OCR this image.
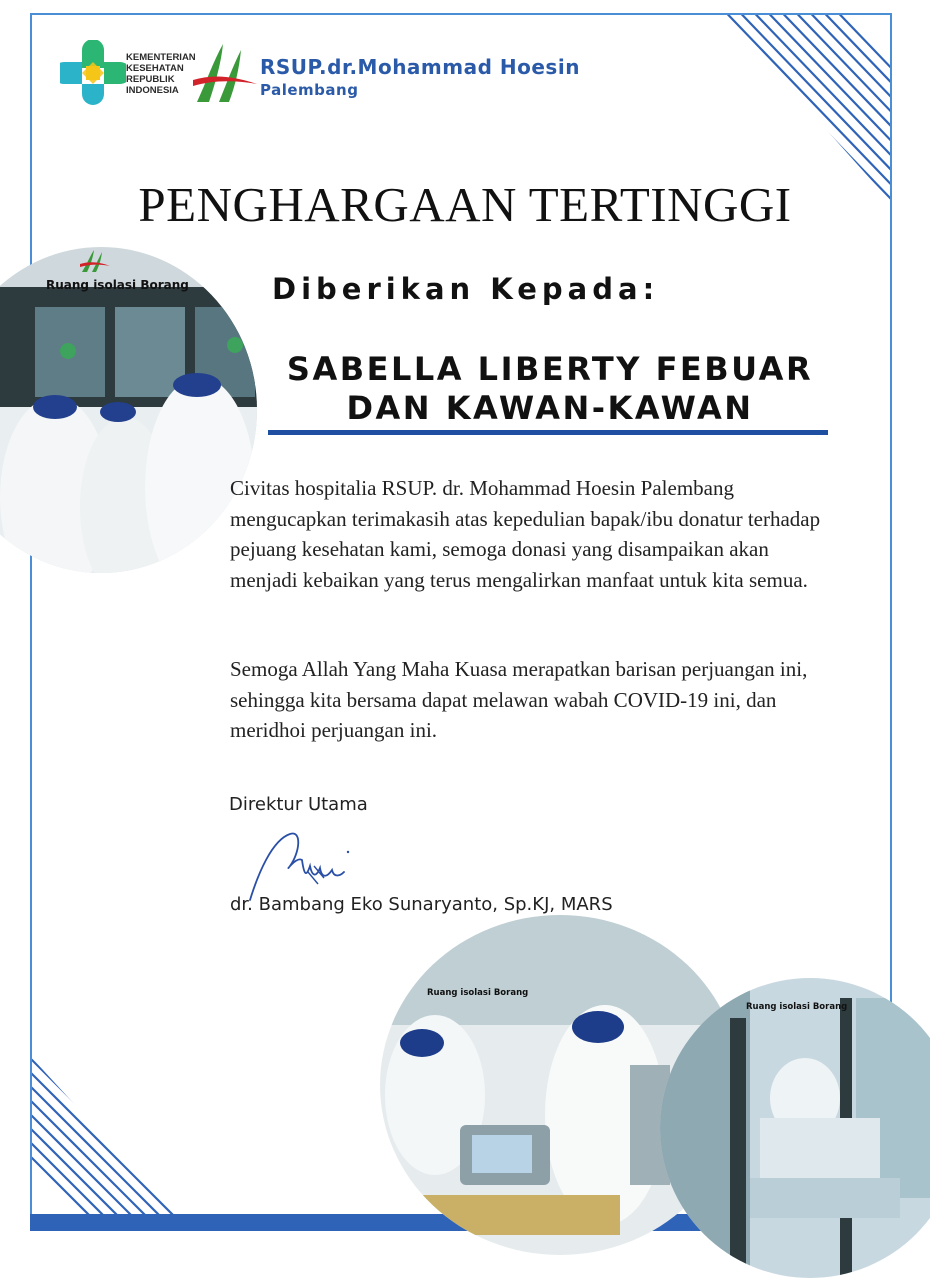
KEMENTERIAN
KESEHATAN
REPUBLIK
INDONESIA
RSUP.dr.Mohammad Hoesin
Palembang
PENGHARGAAN TERTINGGI
Diberikan Kepada:
SABELLA LIBERTY FEBUAR
DAN KAWAN-KAWAN
Ruang isolasi Borang
Civitas hospitalia RSUP. dr. Mohammad Hoesin Palembang mengucapkan terimakasih atas kepedulian bapak/ibu donatur terhadap pejuang kesehatan kami, semoga donasi yang disampaikan akan menjadi kebaikan yang terus mengalirkan manfaat untuk kita semua.
Semoga Allah Yang Maha Kuasa merapatkan barisan perjuangan ini, sehingga kita bersama dapat melawan wabah COVID-19 ini, dan meridhoi perjuangan ini.
Direktur Utama
dr. Bambang Eko Sunaryanto, Sp.KJ, MARS
Ruang isolasi Borang
Ruang isolasi Borang
